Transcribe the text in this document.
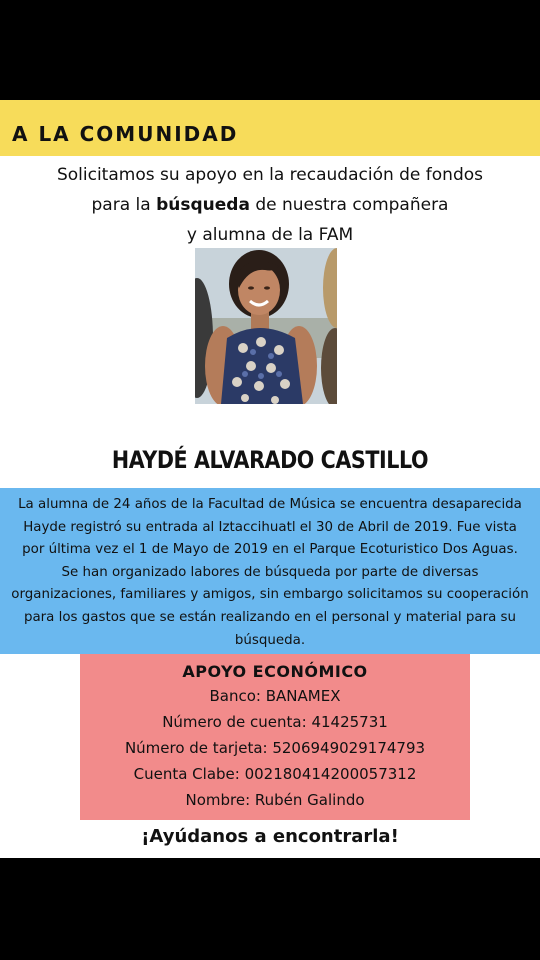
A LA COMUNIDAD
Solicitamos su apoyo en la recaudación de fondos
para la búsqueda de nuestra compañera
y alumna de la FAM
HAYDÉ ALVARADO CASTILLO
La alumna de 24 años de la Facultad de Música se encuentra desaparecida
Hayde registró su entrada al Iztaccihuatl el 30 de Abril de 2019. Fue vista
por última vez el 1 de Mayo de 2019 en el Parque Ecoturistico Dos Aguas.
Se han organizado labores de búsqueda por parte de diversas
organizaciones, familiares y amigos, sin embargo solicitamos su cooperación
para los gastos que se están realizando en el personal y material para su
búsqueda.
APOYO ECONÓMICO
Banco: BANAMEX
Número de cuenta: 41425731
Número de tarjeta: 5206949029174793
Cuenta Clabe: 002180414200057312
Nombre: Rubén Galindo
¡Ayúdanos a encontrarla!
